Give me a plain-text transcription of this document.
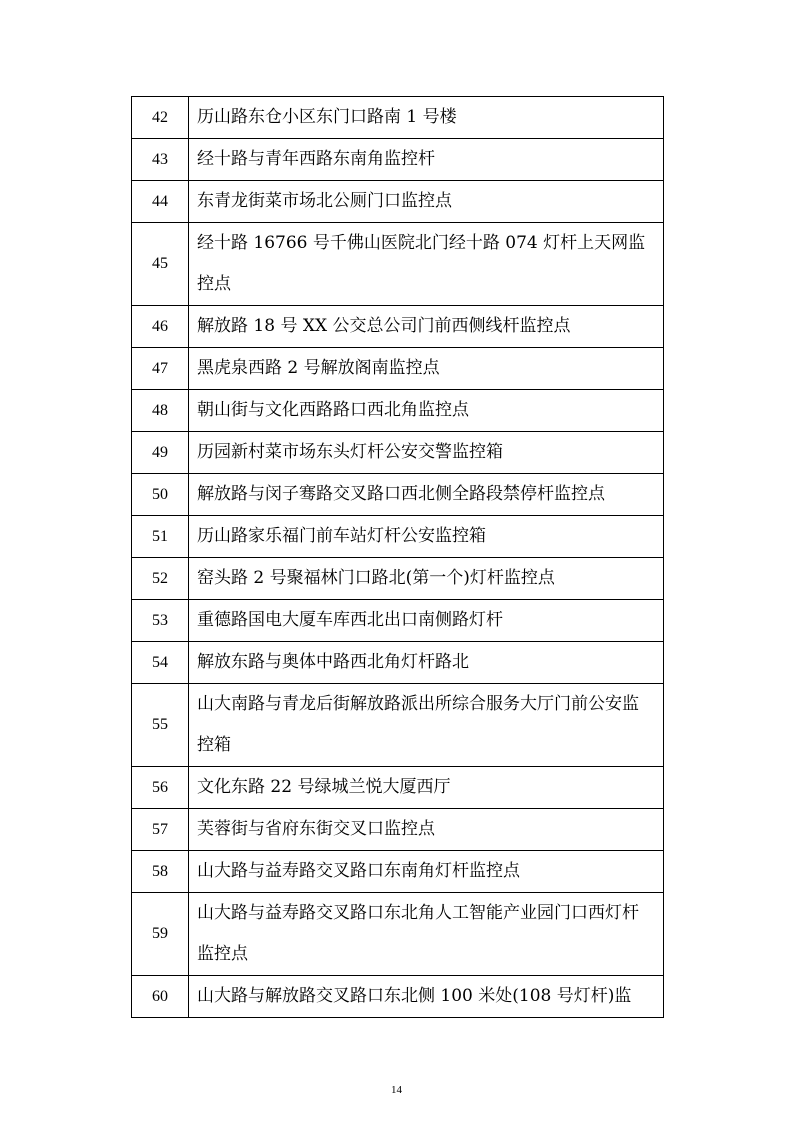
42	历山路东仓小区东门口路南 1 号楼
43	经十路与青年西路东南角监控杆
44	东青龙街菜市场北公厕门口监控点
45	经十路 16766 号千佛山医院北门经十路 074 灯杆上天网监控点
46	解放路 18 号 XX 公交总公司门前西侧线杆监控点
47	黑虎泉西路 2 号解放阁南监控点
48	朝山街与文化西路路口西北角监控点
49	历园新村菜市场东头灯杆公安交警监控箱
50	解放路与闵子骞路交叉路口西北侧全路段禁停杆监控点
51	历山路家乐福门前车站灯杆公安监控箱
52	窑头路 2 号聚福林门口路北(第一个)灯杆监控点
53	重德路国电大厦车库西北出口南侧路灯杆
54	解放东路与奥体中路西北角灯杆路北
55	山大南路与青龙后街解放路派出所综合服务大厅门前公安监 控箱
56	文化东路 22 号绿城兰悦大厦西厅
57	芙蓉街与省府东街交叉口监控点
58	山大路与益寿路交叉路口东南角灯杆监控点
59	山大路与益寿路交叉路口东北角人工智能产业园门口西灯杆 监控点
60	山大路与解放路交叉路口东北侧 100 米处(108 号灯杆)监
14
